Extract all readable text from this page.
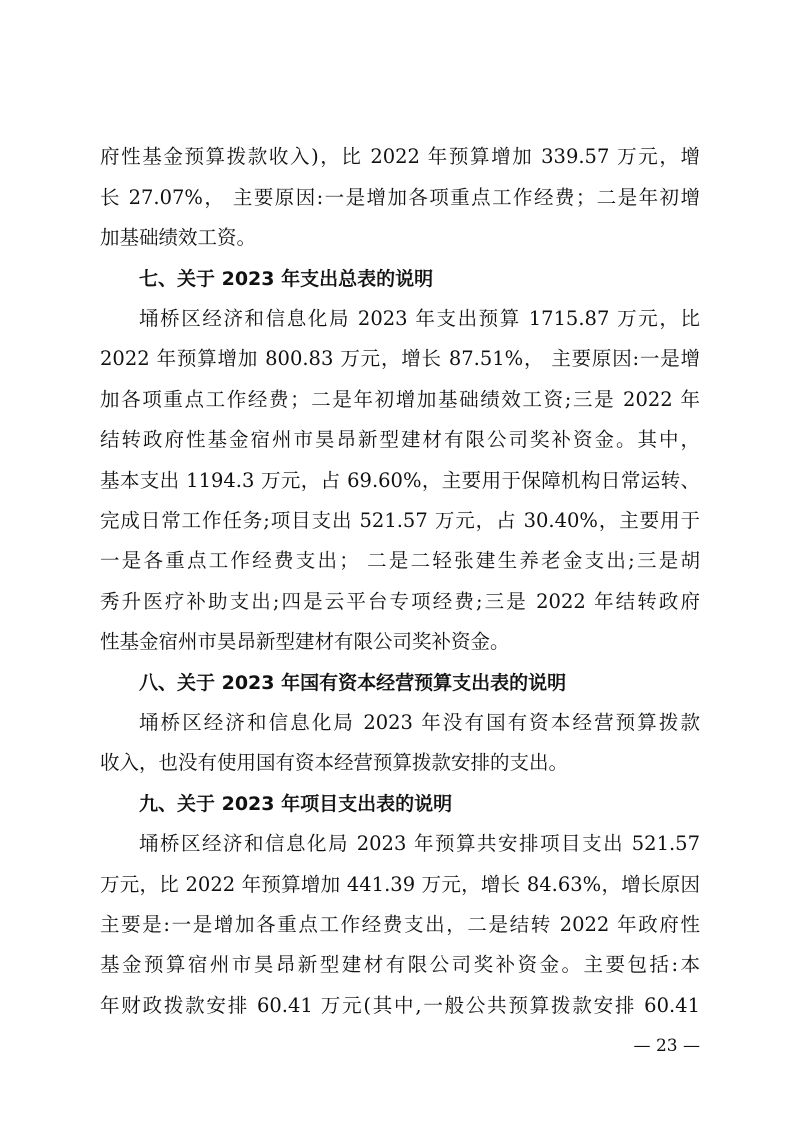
府性基金预算拨款收入)，比 2022 年预算增加 339.57 万元，增
长 27.07%， 主要原因:一是增加各项重点工作经费；二是年初增
加基础绩效工资。
七、关于 2023 年支出总表的说明
埇桥区经济和信息化局 2023 年支出预算 1715.87 万元，比
2022 年预算增加 800.83 万元，增长 87.51%， 主要原因:一是增
加各项重点工作经费；二是年初增加基础绩效工资;三是 2022 年
结转政府性基金宿州市昊昂新型建材有限公司奖补资金。其中，
基本支出 1194.3 万元，占 69.60%，主要用于保障机构日常运转、
完成日常工作任务;项目支出 521.57 万元，占 30.40%，主要用于
一是各重点工作经费支出； 二是二轻张建生养老金支出;三是胡
秀升医疗补助支出;四是云平台专项经费;三是 2022 年结转政府
性基金宿州市昊昂新型建材有限公司奖补资金。
八、关于 2023 年国有资本经营预算支出表的说明
埇桥区经济和信息化局 2023 年没有国有资本经营预算拨款
收入，也没有使用国有资本经营预算拨款安排的支出。
九、关于 2023 年项目支出表的说明
埇桥区经济和信息化局 2023 年预算共安排项目支出 521.57
万元，比 2022 年预算增加 441.39 万元，增长 84.63%，增长原因
主要是:一是增加各重点工作经费支出，二是结转 2022 年政府性
基金预算宿州市昊昂新型建材有限公司奖补资金。主要包括:本
年财政拨款安排 60.41 万元(其中,一般公共预算拨款安排 60.41
— 23 —
